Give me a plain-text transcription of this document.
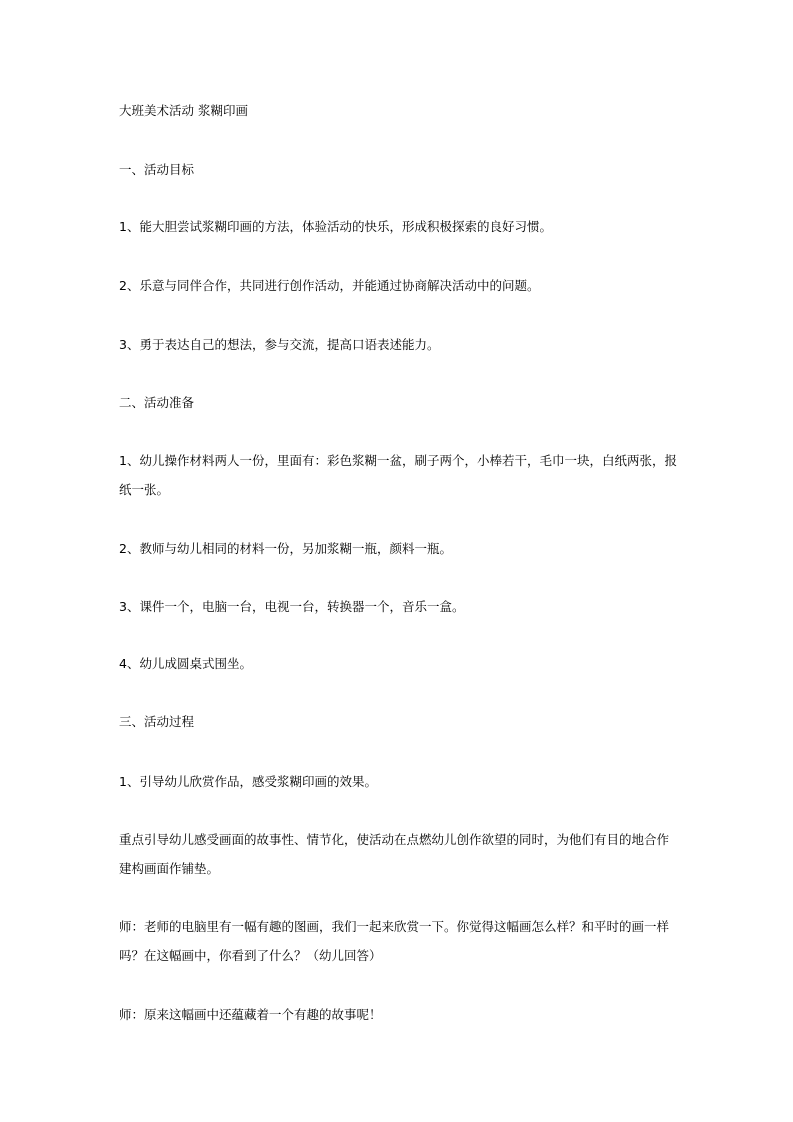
大班美术活动 浆糊印画
一、活动目标
1、能大胆尝试浆糊印画的方法，体验活动的快乐，形成积极探索的良好习惯。
2、乐意与同伴合作，共同进行创作活动，并能通过协商解决活动中的问题。
3、勇于表达自己的想法，参与交流，提高口语表述能力。
二、活动准备
1、幼儿操作材料两人一份，里面有：彩色浆糊一盆，刷子两个，小棒若干，毛巾一块，白纸两张，报纸一张。
2、教师与幼儿相同的材料一份，另加浆糊一瓶，颜料一瓶。
3、课件一个，电脑一台，电视一台，转换器一个，音乐一盒。
4、幼儿成圆桌式围坐。
三、活动过程
1、引导幼儿欣赏作品，感受浆糊印画的效果。
重点引导幼儿感受画面的故事性、情节化，使活动在点燃幼儿创作欲望的同时，为他们有目的地合作建构画面作铺垫。
师：老师的电脑里有一幅有趣的图画，我们一起来欣赏一下。你觉得这幅画怎么样？和平时的画一样吗？在这幅画中，你看到了什么？（幼儿回答）
师：原来这幅画中还蕴藏着一个有趣的故事呢！
